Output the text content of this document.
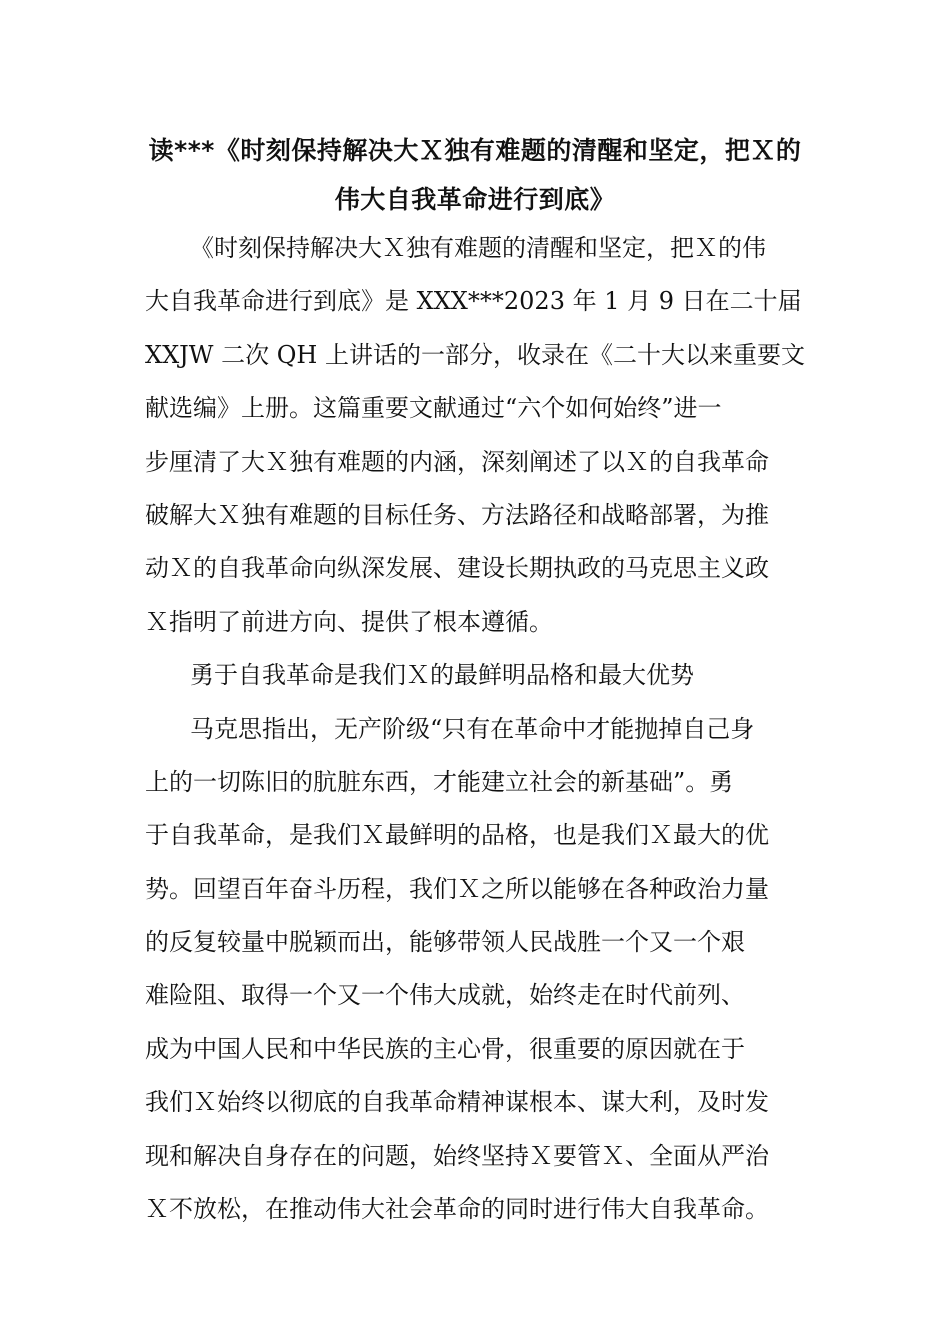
读***《时刻保持解决大Ｘ独有难题的清醒和坚定，把Ｘ的
伟大自我革命进行到底》
《时刻保持解决大Ｘ独有难题的清醒和坚定，把Ｘ的伟
大自我革命进行到底》是 XXX***2023 年 1 月 9 日在二十届
XXJW 二次 QH 上讲话的一部分，收录在《二十大以来重要文
献选编》上册。这篇重要文献通过“六个如何始终”进一
步厘清了大Ｘ独有难题的内涵，深刻阐述了以Ｘ的自我革命
破解大Ｘ独有难题的目标任务、方法路径和战略部署，为推
动Ｘ的自我革命向纵深发展、建设长期执政的马克思主义政
Ｘ指明了前进方向、提供了根本遵循。
勇于自我革命是我们Ｘ的最鲜明品格和最大优势
马克思指出，无产阶级“只有在革命中才能抛掉自己身
上的一切陈旧的肮脏东西，才能建立社会的新基础”。勇
于自我革命，是我们Ｘ最鲜明的品格，也是我们Ｘ最大的优
势。回望百年奋斗历程，我们Ｘ之所以能够在各种政治力量
的反复较量中脱颖而出，能够带领人民战胜一个又一个艰
难险阻、取得一个又一个伟大成就，始终走在时代前列、
成为中国人民和中华民族的主心骨，很重要的原因就在于
我们Ｘ始终以彻底的自我革命精神谋根本、谋大利，及时发
现和解决自身存在的问题，始终坚持Ｘ要管Ｘ、全面从严治
Ｘ不放松，在推动伟大社会革命的同时进行伟大自我革命。
